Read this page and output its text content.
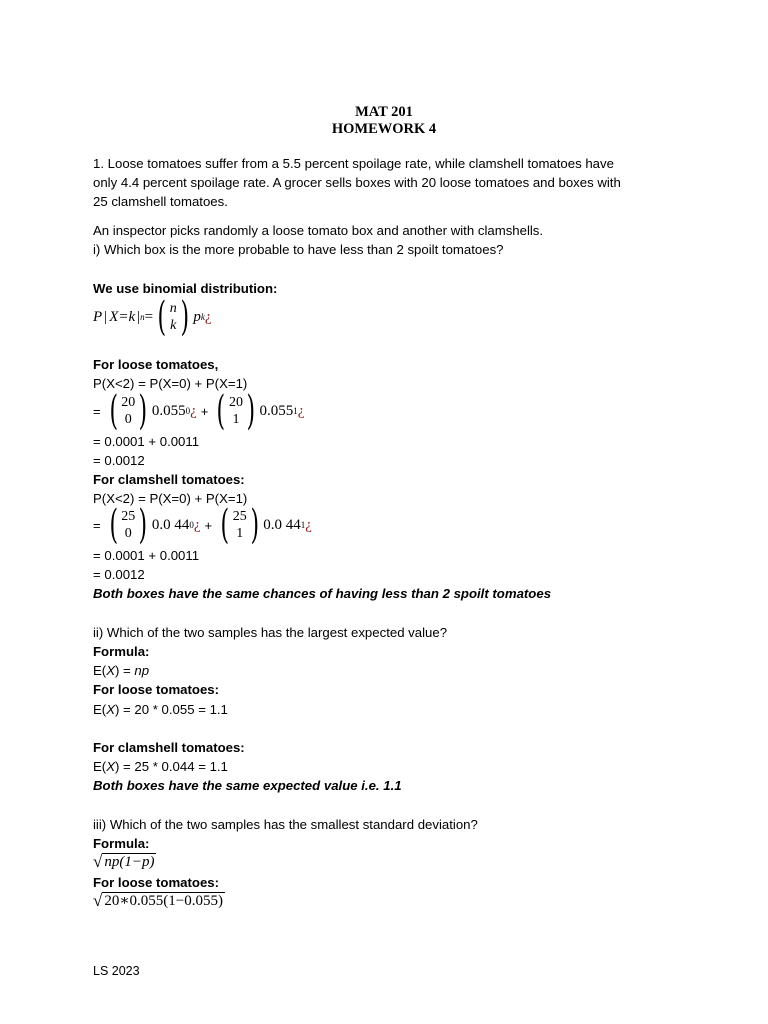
MAT 201
HOMEWORK 4
1. Loose tomatoes suffer from a 5.5 percent spoilage rate, while clamshell tomatoes have
only 4.4 percent spoilage rate. A grocer sells boxes with 20 loose tomatoes and boxes with
25 clamshell tomatoes.
An inspector picks randomly a loose tomato box and another with clamshells.
i) Which box is the more probable to have less than 2 spoilt tomatoes?
We use binomial distribution:
P | X=k | n = ( n
k ) p k ¿
For loose tomatoes,
P(X<2) = P(X=0) + P(X=1)
= ( 20
0 ) 0.055 0 ¿ + ( 20
1 ) 0.055 1 ¿
= 0.0001 + 0.0011
= 0.0012
For clamshell tomatoes:
P(X<2) = P(X=0) + P(X=1)
= ( 25
0 ) 0.0 44 0 ¿ + ( 25
1 ) 0.0 44 1 ¿
= 0.0001 + 0.0011
= 0.0012
Both boxes have the same chances of having less than 2 spoilt tomatoes
ii) Which of the two samples has the largest expected value?
Formula:
E(X) = np
For loose tomatoes:
E(X) = 20 * 0.055 = 1.1
For clamshell tomatoes:
E(X) = 25 * 0.044 = 1.1
Both boxes have the same expected value i.e. 1.1
iii) Which of the two samples has the smallest standard deviation?
Formula:
√ np(1−p)
For loose tomatoes:
√ 20∗0.055(1−0.055)
LS 2023
